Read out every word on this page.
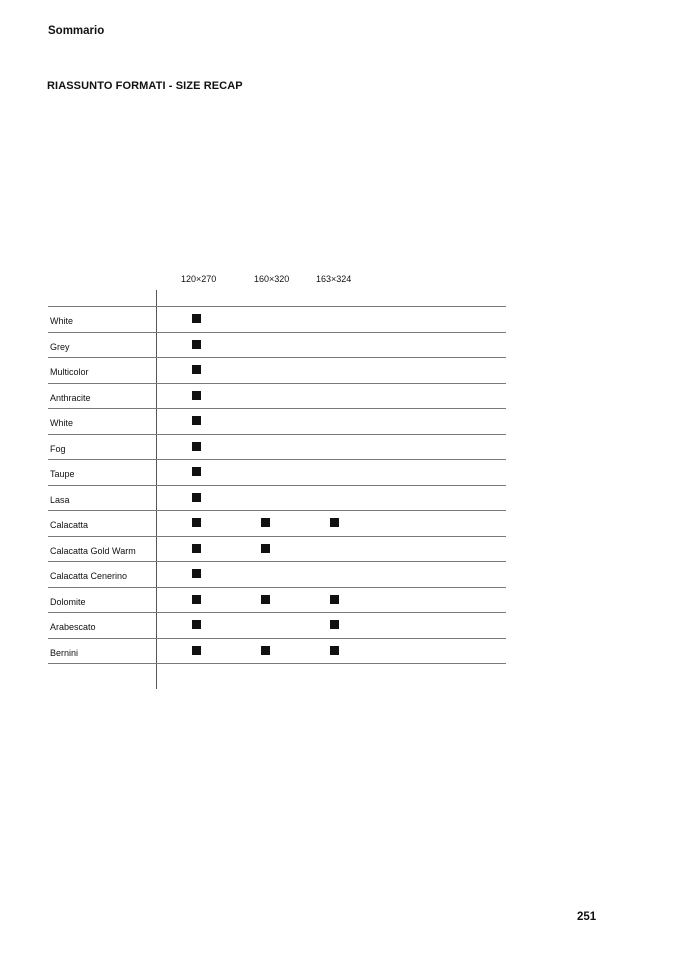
Sommario
RIASSUNTO FORMATI - SIZE RECAP
120×270	160×320	163×324
White
Grey
Multicolor
Anthracite
White
Fog
Taupe
Lasa
Calacatta
Calacatta Gold Warm
Calacatta Cenerino
Dolomite
Arabescato
Bernini
251
